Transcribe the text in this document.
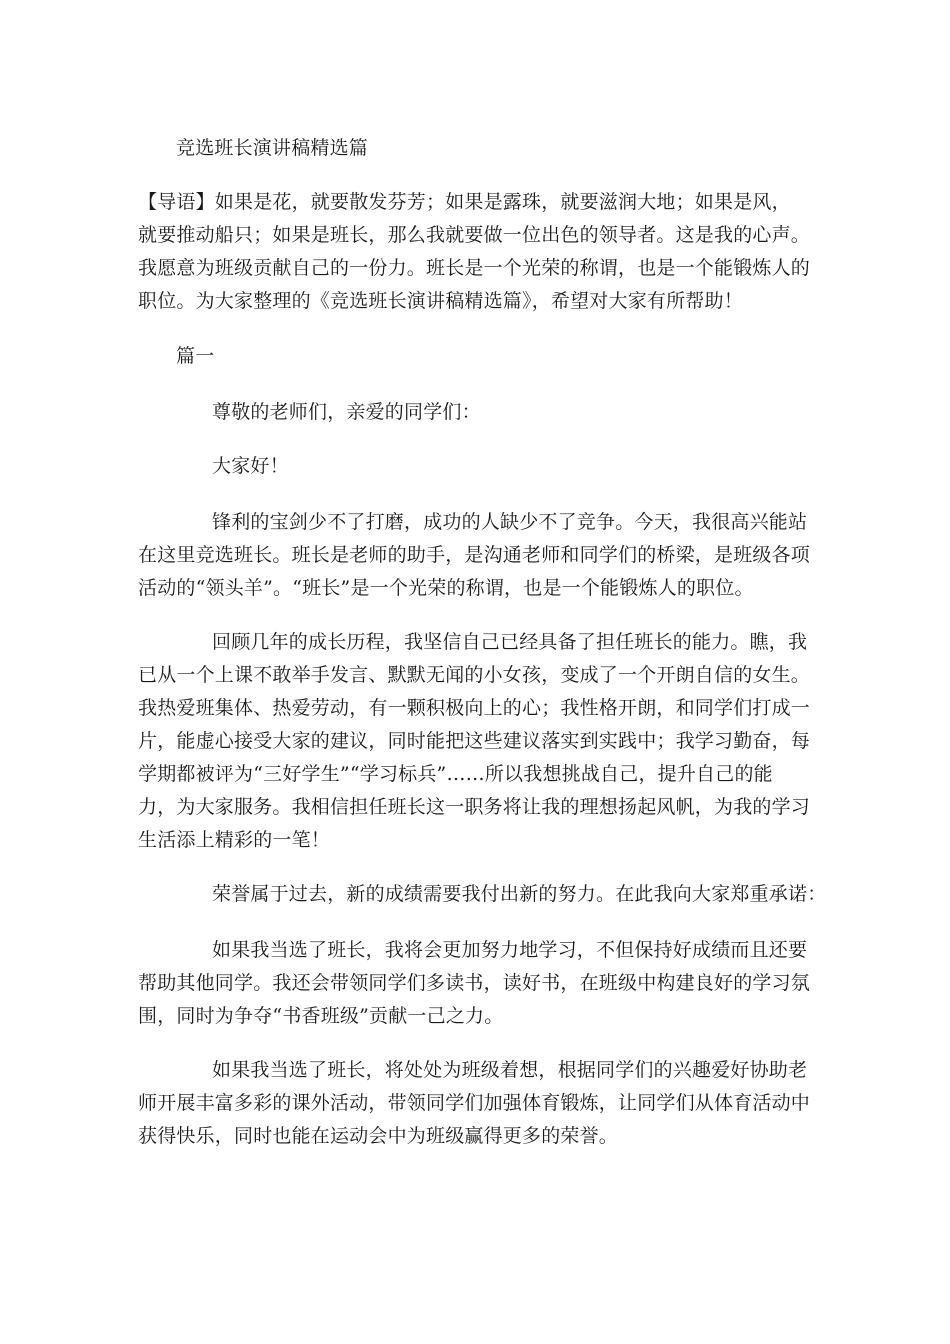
竞选班长演讲稿精选篇
【导语】如果是花，就要散发芬芳；如果是露珠，就要滋润大地；如果是风，
就要推动船只；如果是班长，那么我就要做一位出色的领导者。这是我的心声。
我愿意为班级贡献自己的一份力。班长是一个光荣的称谓，也是一个能锻炼人的
职位。为大家整理的《竞选班长演讲稿精选篇》，希望对大家有所帮助！
篇一
尊敬的老师们，亲爱的同学们：
大家好！
锋利的宝剑少不了打磨，成功的人缺少不了竞争。今天，我很高兴能站
在这里竞选班长。班长是老师的助手，是沟通老师和同学们的桥梁，是班级各项
活动的“领头羊”。“班长”是一个光荣的称谓，也是一个能锻炼人的职位。
回顾几年的成长历程，我坚信自己已经具备了担任班长的能力。瞧，我
已从一个上课不敢举手发言、默默无闻的小女孩，变成了一个开朗自信的女生。
我热爱班集体、热爱劳动，有一颗积极向上的心；我性格开朗，和同学们打成一
片，能虚心接受大家的建议，同时能把这些建议落实到实践中；我学习勤奋，每
学期都被评为“三好学生”“学习标兵”……所以我想挑战自己，提升自己的能
力，为大家服务。我相信担任班长这一职务将让我的理想扬起风帆，为我的学习
生活添上精彩的一笔！
荣誉属于过去，新的成绩需要我付出新的努力。在此我向大家郑重承诺：
如果我当选了班长，我将会更加努力地学习，不但保持好成绩而且还要
帮助其他同学。我还会带领同学们多读书，读好书，在班级中构建良好的学习氛
围，同时为争夺“书香班级”贡献一己之力。
如果我当选了班长，将处处为班级着想，根据同学们的兴趣爱好协助老
师开展丰富多彩的课外活动，带领同学们加强体育锻炼，让同学们从体育活动中
获得快乐，同时也能在运动会中为班级赢得更多的荣誉。
